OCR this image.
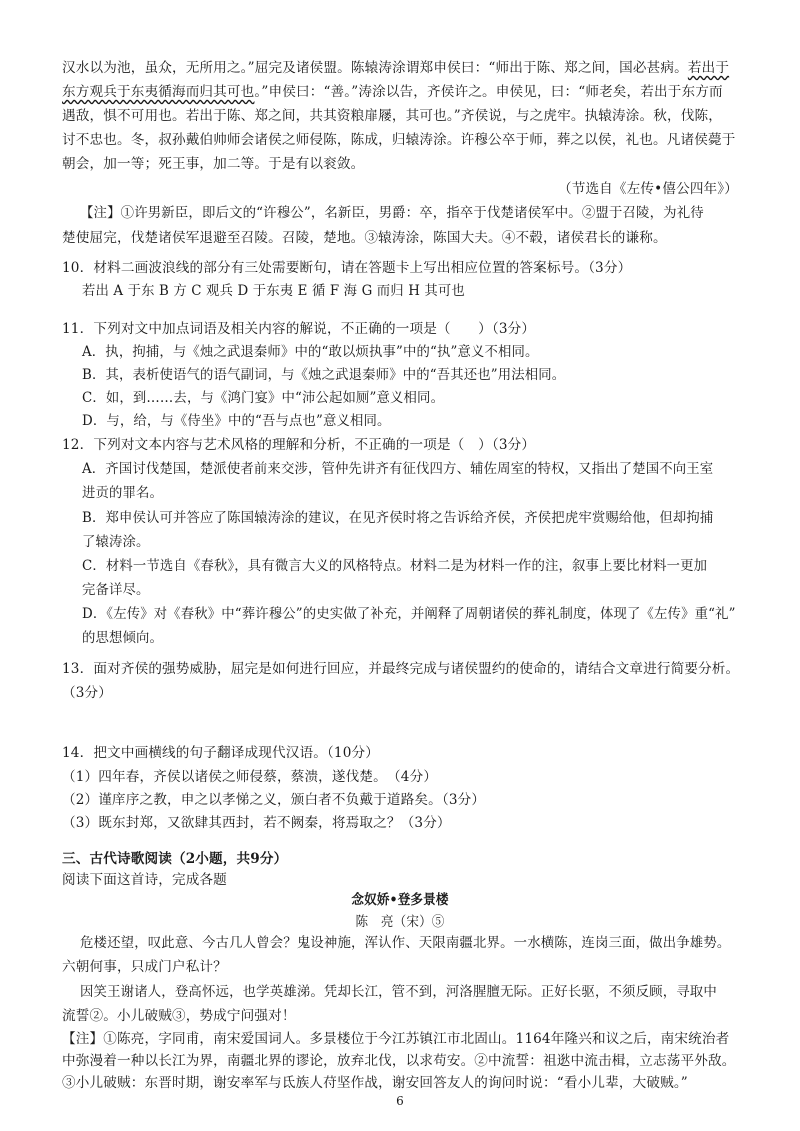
汉水以为池，虽众，无所用之。”屈完及诸侯盟。陈辕涛涂谓郑申侯曰：“师出于陈、郑之间，国必甚病。若出于
东方观兵于东夷循海而归其可也。”申侯曰：“善。”涛涂以告，齐侯许之。申侯见，曰：“师老矣，若出于东方而
遇敌，惧不可用也。若出于陈、郑之间，共其资粮扉屦，其可也。”齐侯说，与之虎牢。执辕涛涂。秋，伐陈，
讨不忠也。冬，叔孙戴伯帅师会诸侯之师侵陈，陈成，归辕涛涂。许穆公卒于师，葬之以侯，礼也。凡诸侯薨于
朝会，加一等；死王事，加二等。于是有以衮敛。
（节选自《左传•僖公四年》）
【注】①许男新臣，即后文的“许穆公”，名新臣，男爵：卒，指卒于伐楚诸侯军中。②盟于召陵，为礼待
楚使屈完，伐楚诸侯军退避至召陵。召陵，楚地。③辕涛涂，陈国大夫。④不毂，诸侯君长的谦称。
10．材料二画波浪线的部分有三处需要断句，请在答题卡上写出相应位置的答案标号。（3分）
若出 A 于东 B 方 C 观兵 D 于东夷 E 循 F 海 G 而归 H 其可也
11．下列对文中加点词语及相关内容的解说，不正确的一项是（　　）（3分）
A．执，拘捕，与《烛之武退秦师》中的“敢以烦执事”中的“执”意义不相同。
B．其，表析使语气的语气副词，与《烛之武退秦师》中的“吾其还也”用法相同。
C．如，到……去，与《鸿门宴》中“沛公起如厕”意义相同。
D．与，给，与《侍坐》中的“吾与点也”意义相同。
12．下列对文本内容与艺术风格的理解和分析，不正确的一项是（　）（3分）
A．齐国讨伐楚国，楚派使者前来交涉，管仲先讲齐有征伐四方、辅佐周室的特权，又指出了楚国不向王室
进贡的罪名。
B．郑申侯认可并答应了陈国辕涛涂的建议，在见齐侯时将之告诉给齐侯，齐侯把虎牢赏赐给他，但却拘捕
了辕涛涂。
C．材料一节选自《春秋》，具有微言大义的风格特点。材料二是为材料一作的注，叙事上要比材料一更加
完备详尽。
D．《左传》对《春秋》中“葬许穆公”的史实做了补充，并阐释了周朝诸侯的葬礼制度，体现了《左传》重“礼”
的思想倾向。
13．面对齐侯的强势威胁，屈完是如何进行回应，并最终完成与诸侯盟约的使命的，请结合文章进行简要分析。
（3分）
14．把文中画横线的句子翻译成现代汉语。（10分）
（1）四年春，齐侯以诸侯之师侵蔡，蔡溃，遂伐楚。　（4分）
（2）谨庠序之教，申之以孝悌之义，颁白者不负戴于道路矣。（3分）
（3）既东封郑，又欲肆其西封，若不阙秦，将焉取之？（3分）
三、古代诗歌阅读（2小题，共9分）
阅读下面这首诗，完成各题
念奴娇•登多景楼
陈　亮（宋）⑤
危楼还望，叹此意、今古几人曾会？鬼设神施，浑认作、天限南疆北界。一水横陈，连岗三面，做出争雄势。
六朝何事，只成门户私计？
因笑王谢诸人，登高怀远，也学英雄涕。凭却长江，管不到，河洛腥膻无际。正好长驱，不须反顾，寻取中
流誓②。小儿破贼③，势成宁问强对！
【注】①陈亮，字同甫，南宋爱国词人。多景楼位于今江苏镇江市北固山。1164年隆兴和议之后，南宋统治者
中弥漫着一种以长江为界，南疆北界的谬论，放弃北伐，以求苟安。②中流誓：祖逖中流击楫，立志荡平外敌。
③小儿破贼：东晋时期，谢安率军与氐族人苻坚作战，谢安回答友人的询问时说：“看小儿辈，大破贼。”
6
